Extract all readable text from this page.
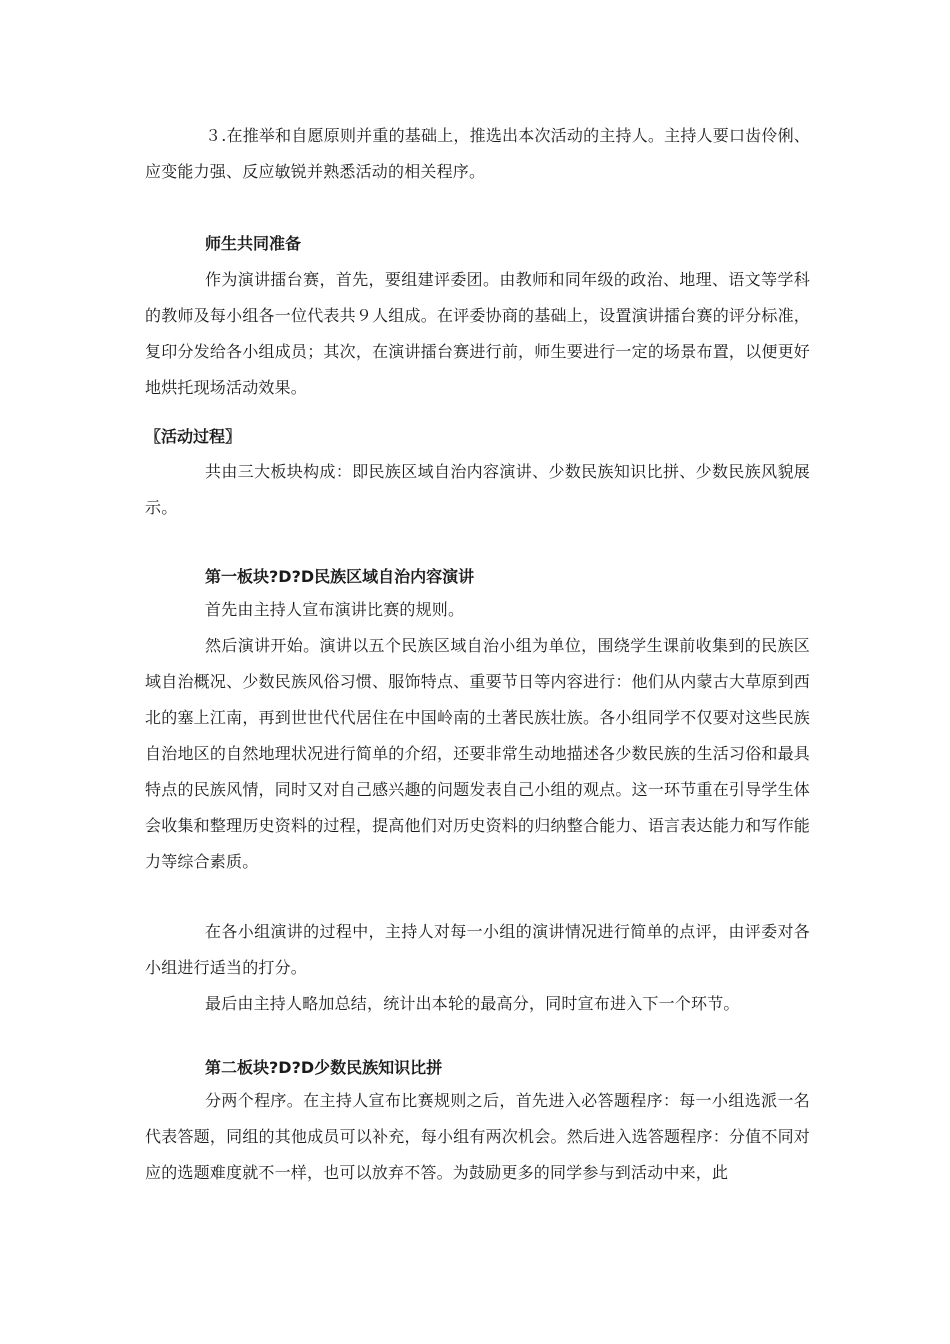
３.在推举和自愿原则并重的基础上，推选出本次活动的主持人。主持人要口齿伶俐、应变能力强、反应敏锐并熟悉活动的相关程序。

师生共同准备

作为演讲擂台赛，首先，要组建评委团。由教师和同年级的政治、地理、语文等学科的教师及每小组各一位代表共９人组成。在评委协商的基础上，设置演讲擂台赛的评分标准，复印分发给各小组成员；其次，在演讲擂台赛进行前，师生要进行一定的场景布置，以便更好地烘托现场活动效果。

〖活动过程〗

共由三大板块构成：即民族区域自治内容演讲、少数民族知识比拼、少数民族风貌展示。

第一板块?D?D民族区域自治内容演讲

首先由主持人宣布演讲比赛的规则。

然后演讲开始。演讲以五个民族区域自治小组为单位，围绕学生课前收集到的民族区域自治概况、少数民族风俗习惯、服饰特点、重要节日等内容进行：他们从内蒙古大草原到西北的塞上江南，再到世世代代居住在中国岭南的土著民族壮族。各小组同学不仅要对这些民族自治地区的自然地理状况进行简单的介绍，还要非常生动地描述各少数民族的生活习俗和最具特点的民族风情，同时又对自己感兴趣的问题发表自己小组的观点。这一环节重在引导学生体会收集和整理历史资料的过程，提高他们对历史资料的归纳整合能力、语言表达能力和写作能力等综合素质。

在各小组演讲的过程中，主持人对每一小组的演讲情况进行简单的点评，由评委对各小组进行适当的打分。

最后由主持人略加总结，统计出本轮的最高分，同时宣布进入下一个环节。

第二板块?D?D少数民族知识比拼

分两个程序。在主持人宣布比赛规则之后，首先进入必答题程序：每一小组选派一名代表答题，同组的其他成员可以补充，每小组有两次机会。然后进入选答题程序：分值不同对应的选题难度就不一样，也可以放弃不答。为鼓励更多的同学参与到活动中来，此
